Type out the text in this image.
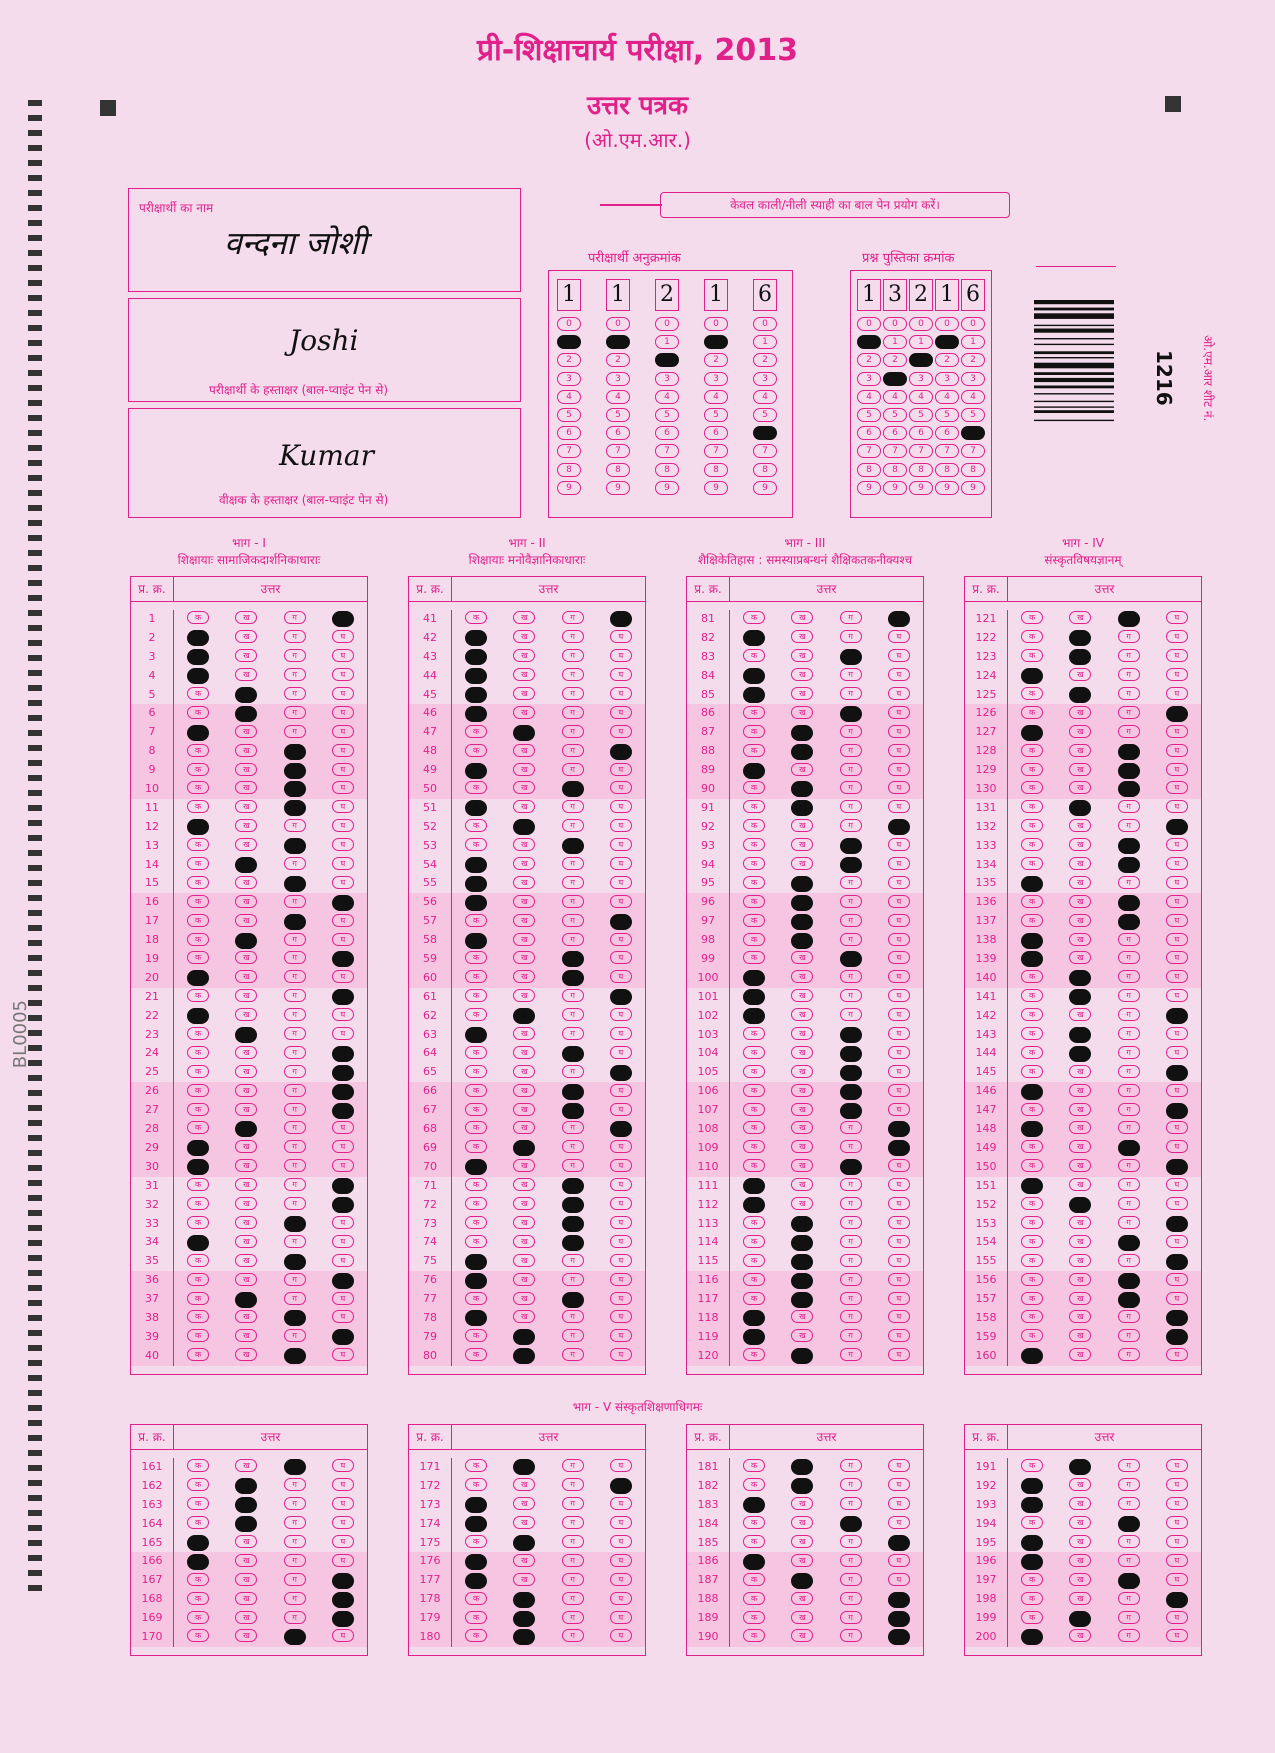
प्री-शिक्षाचार्य परीक्षा, 2013
उत्तर पत्रक
(ओ.एम.आर.)
परीक्षार्थी का नाम
वन्दना जोशी
Joshi
परीक्षार्थी के हस्ताक्षर (बाल-प्वाइंट पेन से)
Kumar
वीक्षक के हस्ताक्षर (बाल-प्वाइंट पेन से)
केवल काली/नीली स्याही का बाल पेन प्रयोग करें।
परीक्षार्थी अनुक्रमांक
1
0
1
2
3
4
5
6
7
8
9
1
0
1
2
3
4
5
6
7
8
9
2
0
1
2
3
4
5
6
7
8
9
1
0
1
2
3
4
5
6
7
8
9
6
0
1
2
3
4
5
6
7
8
9
प्रश्न पुस्तिका क्रमांक
1
0
1
2
3
4
5
6
7
8
9
3
0
1
2
3
4
5
6
7
8
9
2
0
1
2
3
4
5
6
7
8
9
1
0
1
2
3
4
5
6
7
8
9
6
0
1
2
3
4
5
6
7
8
9
1216 ओ.एम.आर शीट नं.
BL0005
भाग - V संस्कृतशिक्षणाधिगमः
भाग - I
शिक्षायाः सामाजिकदार्शनिकाधाराः
भाग - II
शिक्षायाः मनोवैज्ञानिकाधाराः
भाग - III
शैक्षिकेतिहास : समस्याप्रबन्धनं शैक्षिकतकनीक्यश्च
भाग - IV
संस्कृतविषयज्ञानम्
प्र. क्र.	उत्तर
1	क	ख	ग	घ
2	क	ख	ग	घ
3	क	ख	ग	घ
4	क	ख	ग	घ
5	क	ख	ग	घ
6	क	ख	ग	घ
7	क	ख	ग	घ
8	क	ख	ग	घ
9	क	ख	ग	घ
10	क	ख	ग	घ
11	क	ख	ग	घ
12	क	ख	ग	घ
13	क	ख	ग	घ
14	क	ख	ग	घ
15	क	ख	ग	घ
16	क	ख	ग	घ
17	क	ख	ग	घ
18	क	ख	ग	घ
19	क	ख	ग	घ
20	क	ख	ग	घ
21	क	ख	ग	घ
22	क	ख	ग	घ
23	क	ख	ग	घ
24	क	ख	ग	घ
25	क	ख	ग	घ
26	क	ख	ग	घ
27	क	ख	ग	घ
28	क	ख	ग	घ
29	क	ख	ग	घ
30	क	ख	ग	घ
31	क	ख	ग	घ
32	क	ख	ग	घ
33	क	ख	ग	घ
34	क	ख	ग	घ
35	क	ख	ग	घ
36	क	ख	ग	घ
37	क	ख	ग	घ
38	क	ख	ग	घ
39	क	ख	ग	घ
40	क	ख	ग	घ
प्र. क्र.	उत्तर
41	क	ख	ग	घ
42	क	ख	ग	घ
43	क	ख	ग	घ
44	क	ख	ग	घ
45	क	ख	ग	घ
46	क	ख	ग	घ
47	क	ख	ग	घ
48	क	ख	ग	घ
49	क	ख	ग	घ
50	क	ख	ग	घ
51	क	ख	ग	घ
52	क	ख	ग	घ
53	क	ख	ग	घ
54	क	ख	ग	घ
55	क	ख	ग	घ
56	क	ख	ग	घ
57	क	ख	ग	घ
58	क	ख	ग	घ
59	क	ख	ग	घ
60	क	ख	ग	घ
61	क	ख	ग	घ
62	क	ख	ग	घ
63	क	ख	ग	घ
64	क	ख	ग	घ
65	क	ख	ग	घ
66	क	ख	ग	घ
67	क	ख	ग	घ
68	क	ख	ग	घ
69	क	ख	ग	घ
70	क	ख	ग	घ
71	क	ख	ग	घ
72	क	ख	ग	घ
73	क	ख	ग	घ
74	क	ख	ग	घ
75	क	ख	ग	घ
76	क	ख	ग	घ
77	क	ख	ग	घ
78	क	ख	ग	घ
79	क	ख	ग	घ
80	क	ख	ग	घ
प्र. क्र.	उत्तर
81	क	ख	ग	घ
82	क	ख	ग	घ
83	क	ख	ग	घ
84	क	ख	ग	घ
85	क	ख	ग	घ
86	क	ख	ग	घ
87	क	ख	ग	घ
88	क	ख	ग	घ
89	क	ख	ग	घ
90	क	ख	ग	घ
91	क	ख	ग	घ
92	क	ख	ग	घ
93	क	ख	ग	घ
94	क	ख	ग	घ
95	क	ख	ग	घ
96	क	ख	ग	घ
97	क	ख	ग	घ
98	क	ख	ग	घ
99	क	ख	ग	घ
100	क	ख	ग	घ
101	क	ख	ग	घ
102	क	ख	ग	घ
103	क	ख	ग	घ
104	क	ख	ग	घ
105	क	ख	ग	घ
106	क	ख	ग	घ
107	क	ख	ग	घ
108	क	ख	ग	घ
109	क	ख	ग	घ
110	क	ख	ग	घ
111	क	ख	ग	घ
112	क	ख	ग	घ
113	क	ख	ग	घ
114	क	ख	ग	घ
115	क	ख	ग	घ
116	क	ख	ग	घ
117	क	ख	ग	घ
118	क	ख	ग	घ
119	क	ख	ग	घ
120	क	ख	ग	घ
प्र. क्र.	उत्तर
121	क	ख	ग	घ
122	क	ख	ग	घ
123	क	ख	ग	घ
124	क	ख	ग	घ
125	क	ख	ग	घ
126	क	ख	ग	घ
127	क	ख	ग	घ
128	क	ख	ग	घ
129	क	ख	ग	घ
130	क	ख	ग	घ
131	क	ख	ग	घ
132	क	ख	ग	घ
133	क	ख	ग	घ
134	क	ख	ग	घ
135	क	ख	ग	घ
136	क	ख	ग	घ
137	क	ख	ग	घ
138	क	ख	ग	घ
139	क	ख	ग	घ
140	क	ख	ग	घ
141	क	ख	ग	घ
142	क	ख	ग	घ
143	क	ख	ग	घ
144	क	ख	ग	घ
145	क	ख	ग	घ
146	क	ख	ग	घ
147	क	ख	ग	घ
148	क	ख	ग	घ
149	क	ख	ग	घ
150	क	ख	ग	घ
151	क	ख	ग	घ
152	क	ख	ग	घ
153	क	ख	ग	घ
154	क	ख	ग	घ
155	क	ख	ग	घ
156	क	ख	ग	घ
157	क	ख	ग	घ
158	क	ख	ग	घ
159	क	ख	ग	घ
160	क	ख	ग	घ
प्र. क्र.	उत्तर
161	क	ख	ग	घ
162	क	ख	ग	घ
163	क	ख	ग	घ
164	क	ख	ग	घ
165	क	ख	ग	घ
166	क	ख	ग	घ
167	क	ख	ग	घ
168	क	ख	ग	घ
169	क	ख	ग	घ
170	क	ख	ग	घ
प्र. क्र.	उत्तर
171	क	ख	ग	घ
172	क	ख	ग	घ
173	क	ख	ग	घ
174	क	ख	ग	घ
175	क	ख	ग	घ
176	क	ख	ग	घ
177	क	ख	ग	घ
178	क	ख	ग	घ
179	क	ख	ग	घ
180	क	ख	ग	घ
प्र. क्र.	उत्तर
181	क	ख	ग	घ
182	क	ख	ग	घ
183	क	ख	ग	घ
184	क	ख	ग	घ
185	क	ख	ग	घ
186	क	ख	ग	घ
187	क	ख	ग	घ
188	क	ख	ग	घ
189	क	ख	ग	घ
190	क	ख	ग	घ
प्र. क्र.	उत्तर
191	क	ख	ग	घ
192	क	ख	ग	घ
193	क	ख	ग	घ
194	क	ख	ग	घ
195	क	ख	ग	घ
196	क	ख	ग	घ
197	क	ख	ग	घ
198	क	ख	ग	घ
199	क	ख	ग	घ
200	क	ख	ग	घ
